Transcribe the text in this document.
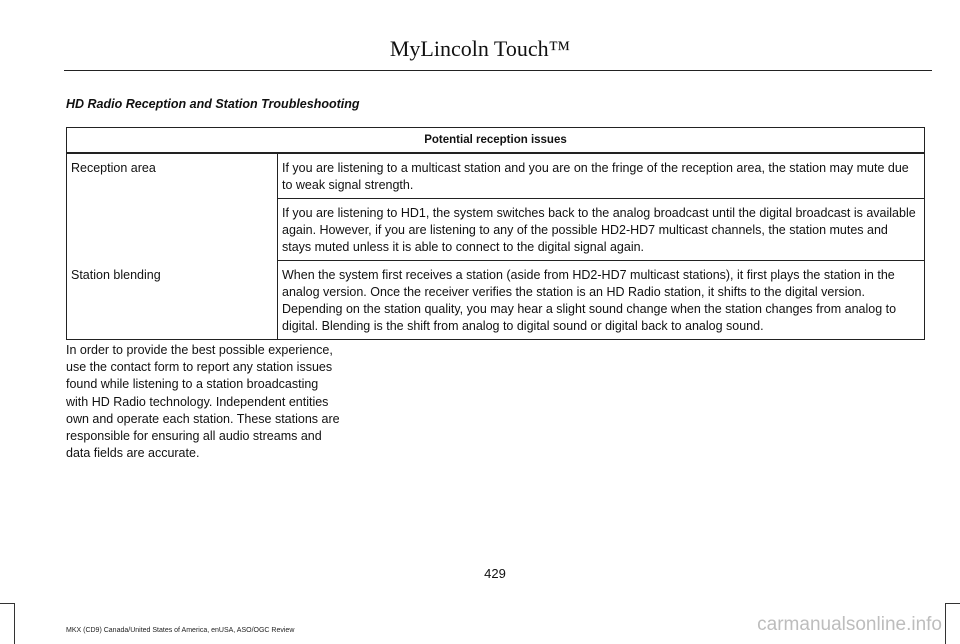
MyLincoln Touch™
HD Radio Reception and Station Troubleshooting
Potential reception issues	
Reception area	If you are listening to a multicast station and you are on the fringe of the reception area, the station may mute due to weak signal strength.
	If you are listening to HD1, the system switches back to the analog broadcast until the digital broadcast is available again. However, if you are listening to any of the possible HD2-HD7 multicast channels, the station mutes and stays muted unless it is able to connect to the digital signal again.
Station blending	When the system first receives a station (aside from HD2-HD7 multicast stations), it first plays the station in the analog version. Once the receiver verifies the station is an HD Radio station, it shifts to the digital version. Depending on the station quality, you may hear a slight sound change when the station changes from analog to digital. Blending is the shift from analog to digital sound or digital back to analog sound.
In order to provide the best possible experience, use the contact form to report any station issues found while listening to a station broadcasting with HD Radio technology. Independent entities own and operate each station. These stations are responsible for ensuring all audio streams and data fields are accurate.
429
MKX (CD9) Canada/United States of America, enUSA, ASO/OGC Review	carmanualsonline.info
